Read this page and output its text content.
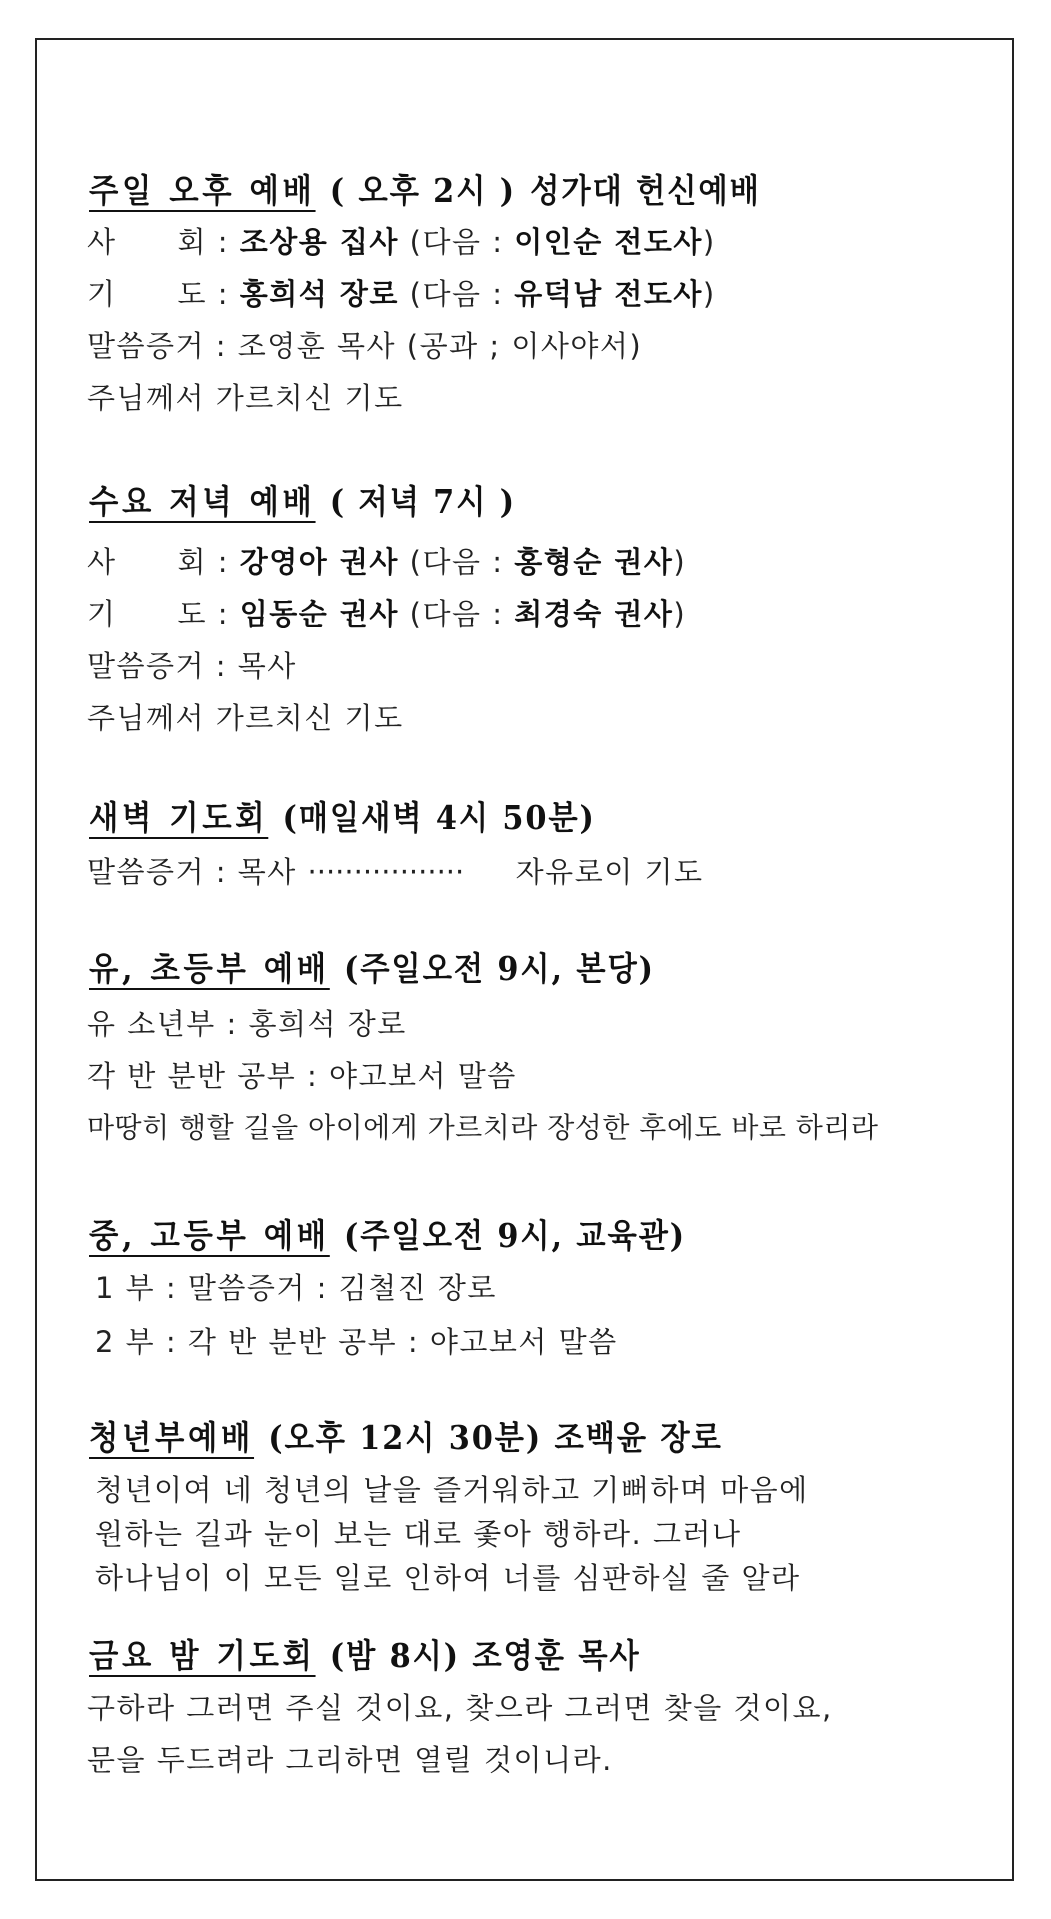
주일 오후 예배 ( 오후 2시 ) 성가대 헌신예배
사　　회 : 조상용 집사 (다음 : 이인순 전도사)
기　　도 : 홍희석 장로 (다음 : 유덕남 전도사)
말씀증거 : 조영훈 목사 (공과 ; 이사야서)
주님께서 가르치신 기도
수요 저녁 예배 ( 저녁 7시 )
사　　회 : 강영아 권사 (다음 : 홍형순 권사)
기　　도 : 임동순 권사 (다음 : 최경숙 권사)
말씀증거 : 목사
주님께서 가르치신 기도
새벽 기도회 (매일새벽 4시 50분)
말씀증거 : 목사 ················· 자유로이 기도
유, 초등부 예배 (주일오전 9시, 본당)
유 소년부 : 홍희석 장로
각 반 분반 공부 : 야고보서 말씀
마땅히 행할 길을 아이에게 가르치라 장성한 후에도 바로 하리라
중, 고등부 예배 (주일오전 9시, 교육관)
1 부 : 말씀증거 : 김철진 장로
2 부 : 각 반 분반 공부 : 야고보서 말씀
청년부예배 (오후 12시 30분) 조백윤 장로
청년이여 네 청년의 날을 즐거워하고 기뻐하며 마음에
원하는 길과 눈이 보는 대로 좇아 행하라. 그러나
하나님이 이 모든 일로 인하여 너를 심판하실 줄 알라
금요 밤 기도회 (밤 8시) 조영훈 목사
구하라 그러면 주실 것이요, 찾으라 그러면 찾을 것이요,
문을 두드려라 그리하면 열릴 것이니라.
